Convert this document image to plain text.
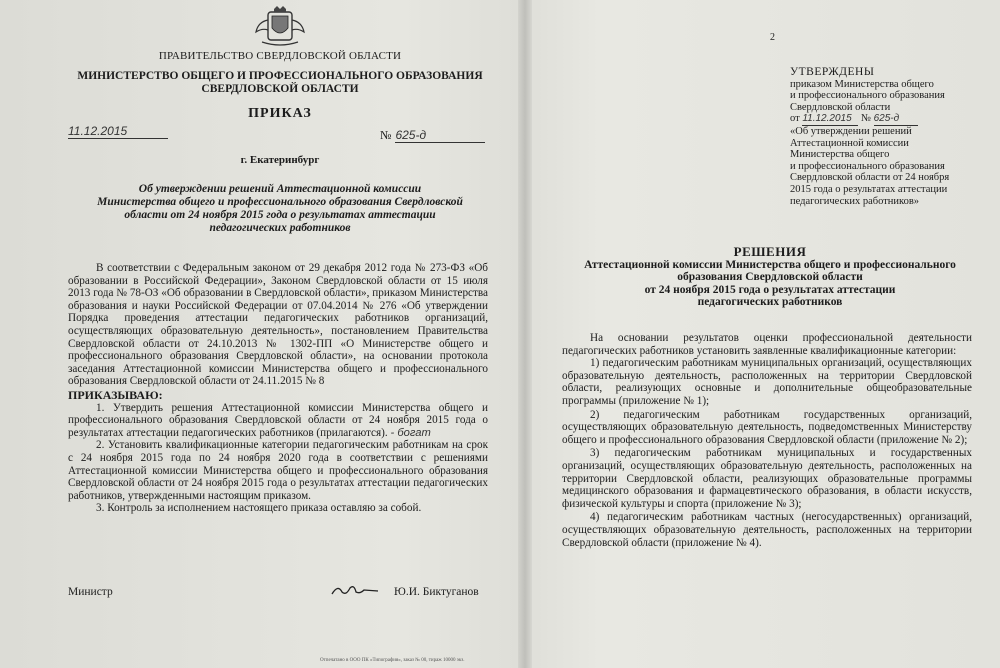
ПРАВИТЕЛЬСТВО СВЕРДЛОВСКОЙ ОБЛАСТИ
МИНИСТЕРСТВО ОБЩЕГО И ПРОФЕССИОНАЛЬНОГО ОБРАЗОВАНИЯ
СВЕРДЛОВСКОЙ ОБЛАСТИ
ПРИКАЗ
11.12.2015	№ 625-д
г. Екатеринбург
Об утверждении решений Аттестационной комиссии
Министерства общего и профессионального образования Свердловской
области от 24 ноября 2015 года о результатах аттестации
педагогических работников

В соответствии с Федеральным законом от 29 декабря 2012 года № 273-ФЗ «Об образовании в Российской Федерации», Законом Свердловской области от 15 июля 2013 года № 78-ОЗ «Об образовании в Свердловской области», приказом Министерства образования и науки Российской Федерации от 07.04.2014 № 276 «Об утверждении Порядка проведения аттестации педагогических работников организаций, осуществляющих образовательную деятельность», постановлением Правительства Свердловской области от 24.10.2013 № 1302-ПП «О Министерстве общего и профессионального образования Свердловской области», на основании протокола заседания Аттестационной комиссии Министерства общего и профессионального образования Свердловской области от 24.11.2015 № 8

ПРИКАЗЫВАЮ:

1. Утвердить решения Аттестационной комиссии Министерства общего и профессионального образования Свердловской области от 24 ноября 2015 года о результатах аттестации педагогических работников (прилагаются). - богат

2. Установить квалификационные категории педагогическим работникам на срок с 24 ноября 2015 года по 24 ноября 2020 года в соответствии с решениями Аттестационной комиссии Министерства общего и профессионального образования Свердловской области от 24 ноября 2015 года о результатах аттестации педагогических работников, утвержденными настоящим приказом.

3. Контроль за исполнением настоящего приказа оставляю за собой.

Министр	Ю.И. Биктуганов
Отпечатано в ООО ПК «Типография», заказ № 00, тираж 10000 экз.
2
УТВЕРЖДЕНЫ
приказом Министерства общего
и профессионального образования
Свердловской области
от 11.12.2015 № 625-д
«Об утверждении решений
Аттестационной комиссии
Министерства общего
и профессионального образования
Свердловской области от 24 ноября
2015 года о результатах аттестации
педагогических работников»
РЕШЕНИЯ
Аттестационной комиссии Министерства общего и профессионального
образования Свердловской области
от 24 ноября 2015 года о результатах аттестации
педагогических работников

На основании результатов оценки профессиональной деятельности педагогических работников установить заявленные квалификационные категории:

1) педагогическим работникам муниципальных организаций, осуществляющих образовательную деятельность, расположенных на территории Свердловской области, реализующих основные и дополнительные общеобразовательные программы (приложение № 1);

2) педагогическим работникам государственных организаций, осуществляющих образовательную деятельность, подведомственных Министерству общего и профессионального образования Свердловской области (приложение № 2);

3) педагогическим работникам муниципальных и государственных организаций, осуществляющих образовательную деятельность, расположенных на территории Свердловской области, реализующих образовательные программы медицинского образования и фармацевтического образования, в области искусств, физической культуры и спорта (приложение № 3);

4) педагогическим работникам частных (негосударственных) организаций, осуществляющих образовательную деятельность, расположенных на территории Свердловской области (приложение № 4).
